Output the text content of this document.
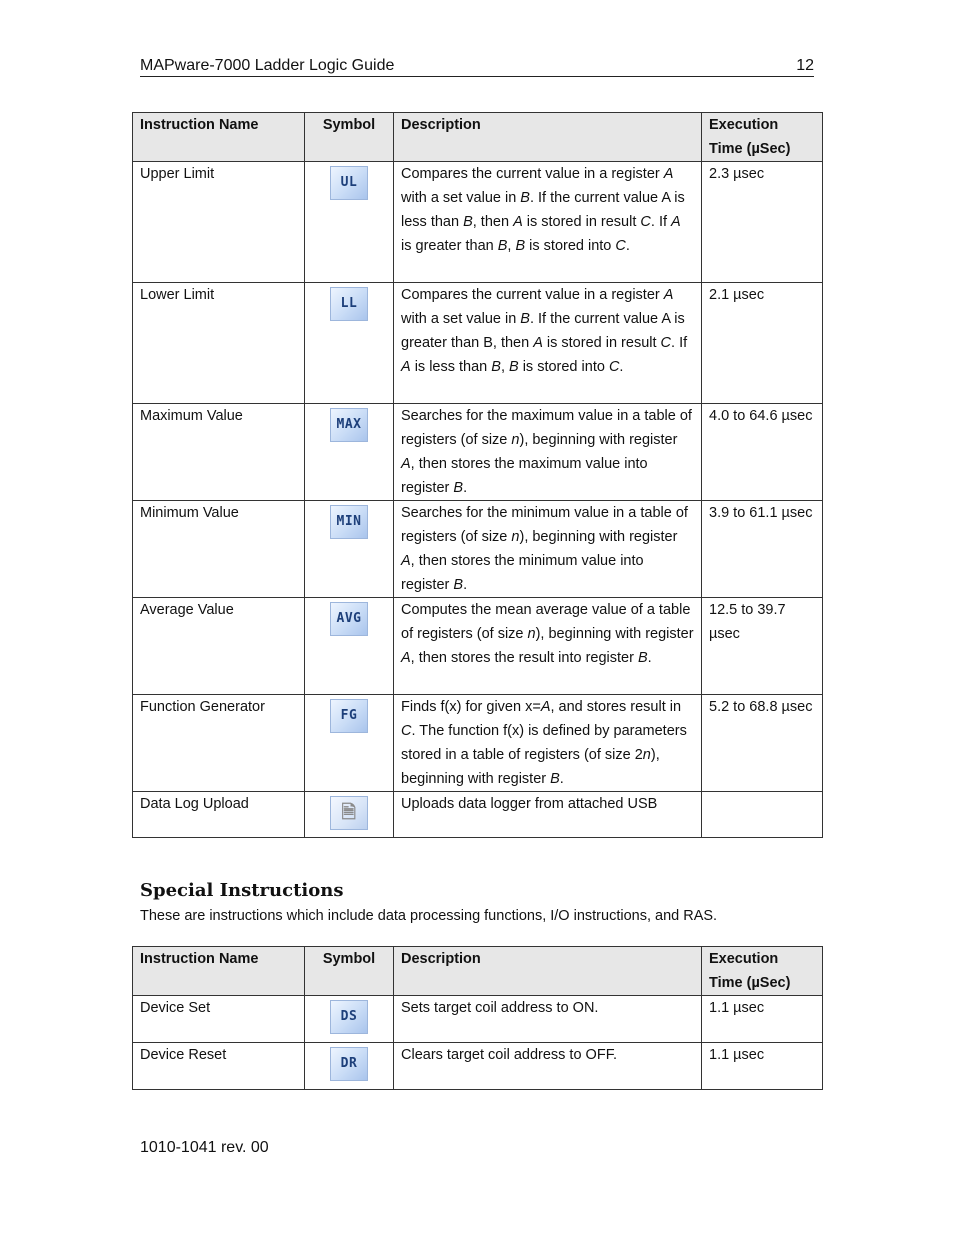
MAPware-7000 Ladder Logic Guide	12
Instruction Name	Symbol	Description	Execution
Time (µSec)
Upper Limit	UL	Compares the current value in a register A with a set value in B. If the current value A is less than B, then A is stored in result C. If A is greater than B, B is stored into C.	2.3 µsec
Lower Limit	LL	Compares the current value in a register A with a set value in B. If the current value A is greater than B, then A is stored in result C. If A is less than B, B is stored into C.	2.1 µsec
Maximum Value	MAX	Searches for the maximum value in a table of registers (of size n), beginning with register A, then stores the maximum value into register B.	4.0 to 64.6 µsec
Minimum Value	MIN	Searches for the minimum value in a table of registers (of size n), beginning with register A, then stores the minimum value into register B.	3.9 to 61.1 µsec
Average Value	AVG	Computes the mean average value of a table of registers (of size n), beginning with register A, then stores the result into register B.	12.5 to 39.7 µsec
Function Generator	FG	Finds f(x) for given x=A, and stores result in C. The function f(x) is defined by parameters stored in a table of registers (of size 2n), beginning with register B.	5.2 to 68.8 µsec
Data Log Upload	🗎	Uploads data logger from attached USB	
Special Instructions

These are instructions which include data processing functions, I/O instructions, and RAS.

Instruction Name	Symbol	Description	Execution
Time (µSec)
Device Set	DS	Sets target coil address to ON.	1.1 µsec
Device Reset	DR	Clears target coil address to OFF.	1.1 µsec
1010-1041 rev. 00
